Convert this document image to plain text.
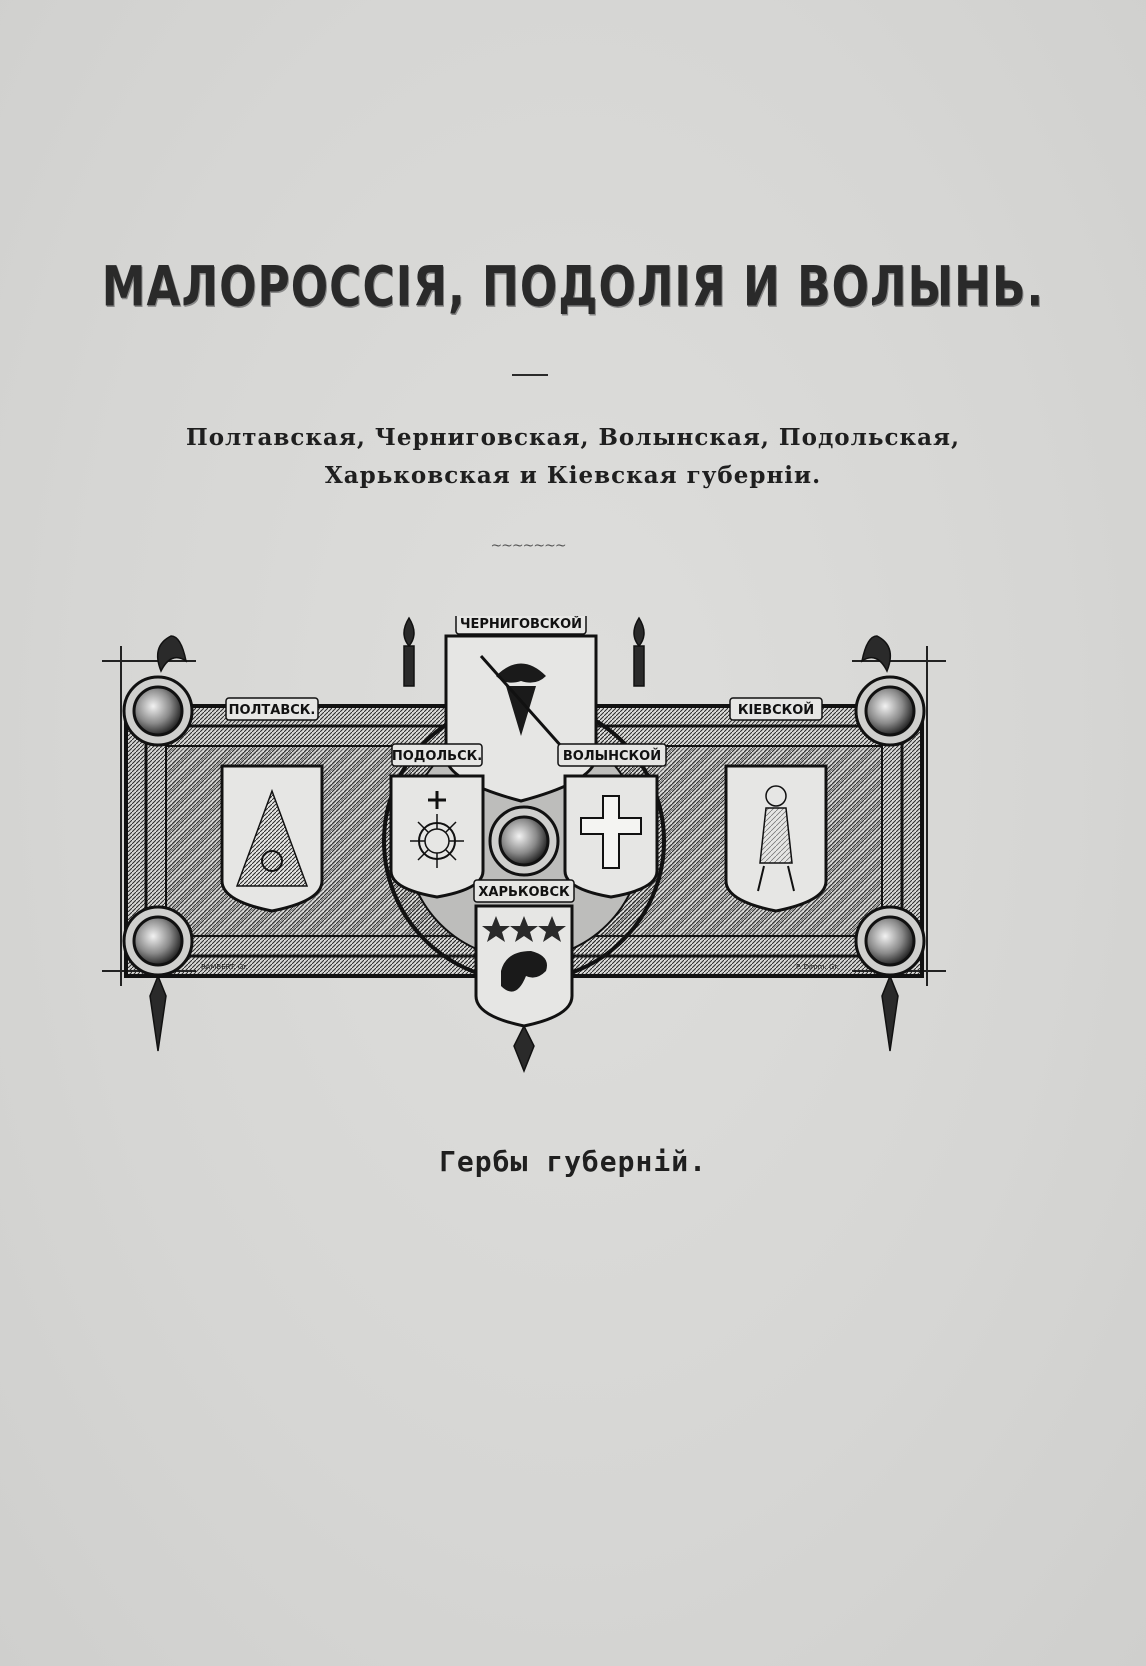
МАЛОРОССІЯ, ПОДОЛІЯ И ВОЛЫНЬ.
Полтавская, Черниговская, Волынская, Подольская,
Харьковская и Кіевская губерніи.
~~~~~~~
ЧЕРНИГОВСКОЙ
ПОЛТАВСК.	КІЕВСКОЙ
ПОДОЛЬСК.	ВОЛЫНСКОЙ
ХАРЬКОВСК
RAMBERT. Gr.	P. Dimm. Gr.
Гербы губерній.
